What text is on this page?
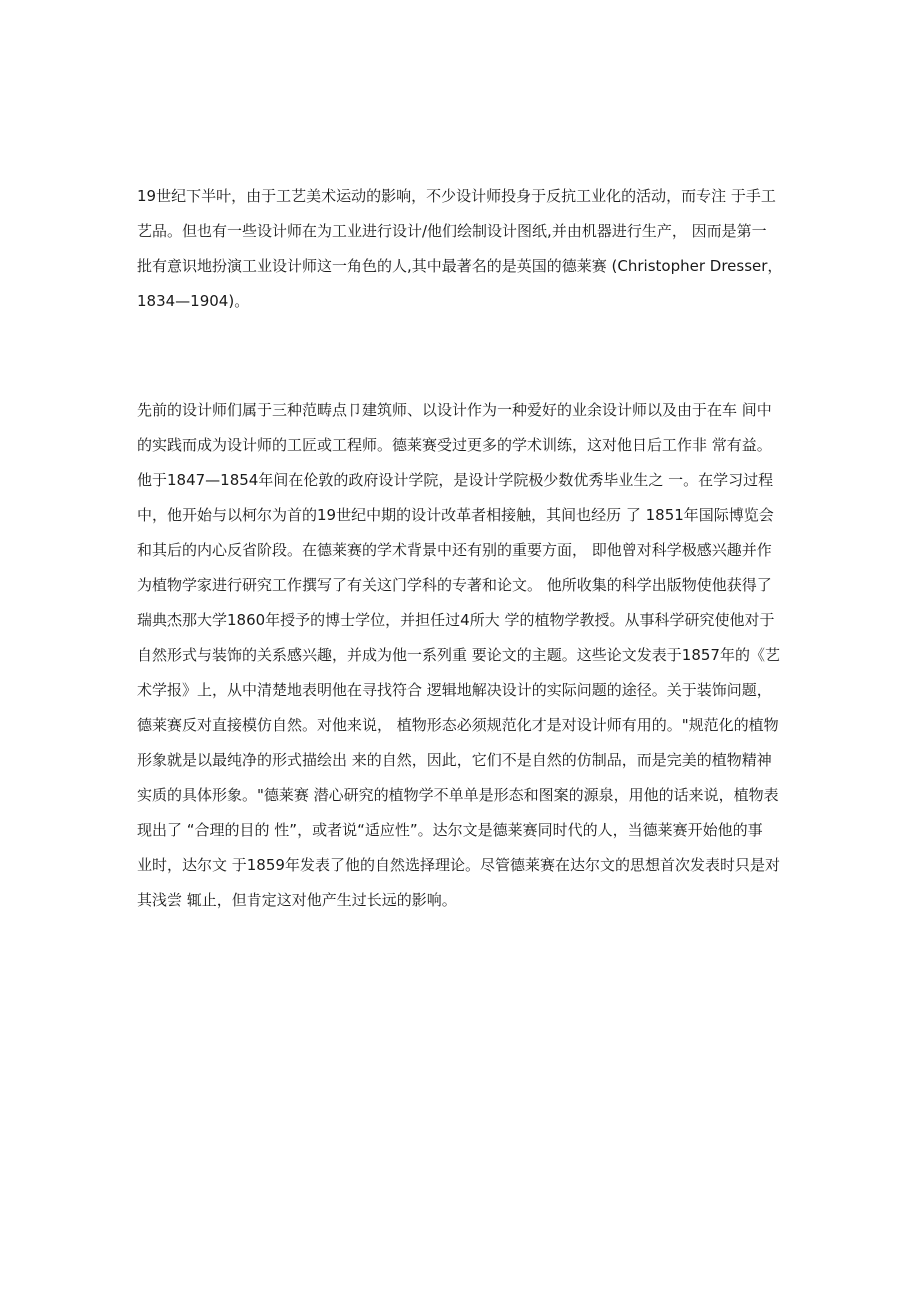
19世纪下半叶，由于工艺美术运动的影响，不少设计师投身于反抗工业化的活动，而专注 于手工
艺品。但也有一些设计师在为工业进行设计/他们绘制设计图纸,并由机器进行生产， 因而是第一
批有意识地扮演工业设计师这一角色的人,其中最著名的是英国的德莱赛 (Christopher Dresser，
1834—1904)。

先前的设计师们属于三种范畴点卩建筑师、以设计作为一种爱好的业余设计师以及由于在车 间中
的实践而成为设计师的工匠或工程师。德莱赛受过更多的学术训练，这对他日后工作非 常有益。
他于1847—1854年间在伦敦的政府设计学院，是设计学院极少数优秀毕业生之 一。在学习过程
中，他开始与以柯尔为首的19世纪中期的设计改革者相接触，其间也经历 了 1851年国际博览会
和其后的内心反省阶段。在德莱赛的学术背景中还有别的重要方面， 即他曾对科学极感兴趣并作
为植物学家进行研究工作撰写了有关这门学科的专著和论文。 他所收集的科学出版物使他获得了
瑞典杰那大学1860年授予的博士学位，并担任过4所大 学的植物学教授。从事科学研究使他对于
自然形式与装饰的关系感兴趣，并成为他一系列重 要论文的主题。这些论文发表于1857年的《艺
术学报》上，从中清楚地表明他在寻找符合 逻辑地解决设计的实际问题的途径。关于装饰问题，
德莱赛反对直接模仿自然。对他来说， 植物形态必须规范化才是对设计师有用的。"规范化的植物
形象就是以最纯净的形式描绘出 来的自然，因此，它们不是自然的仿制品，而是完美的植物精神
实质的具体形象。"德莱赛 潜心研究的植物学不单单是形态和图案的源泉，用他的话来说，植物表
现出了 “合理的目的 性”，或者说“适应性”。达尔文是德莱赛同时代的人，当德莱赛开始他的事
业时，达尔文 于1859年发表了他的自然选择理论。尽管德莱赛在达尔文的思想首次发表时只是对
其浅尝 辄止，但肯定这对他产生过长远的影响。
